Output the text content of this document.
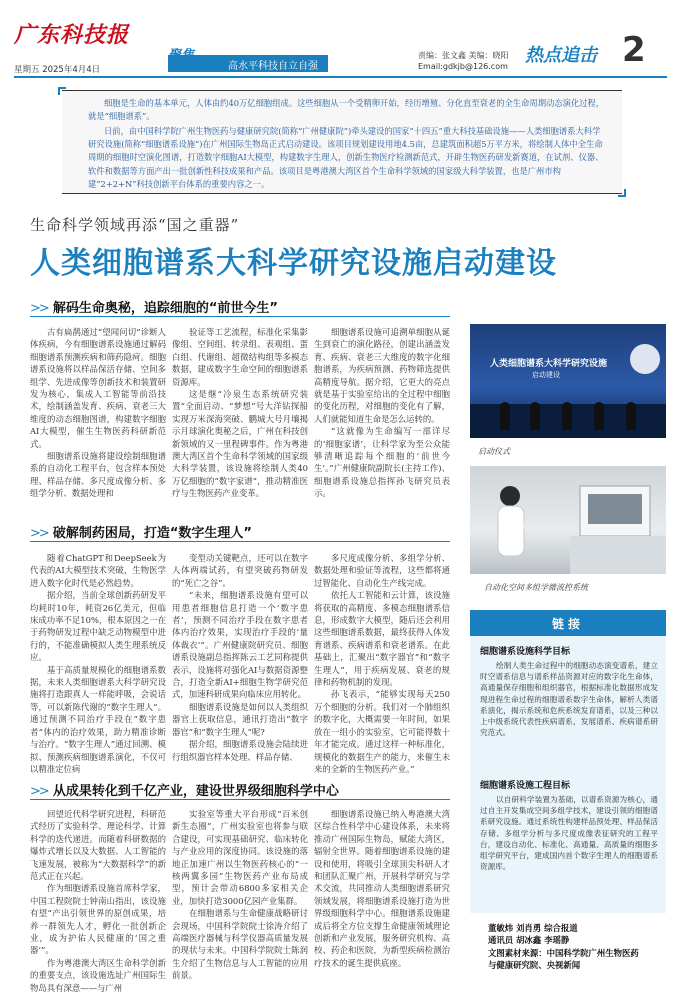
广东科技报
星期五 2025年4月4日	高水平科技自立自强
责编：张文鑫 美编：晓阳
Email:gdkjb@126.com
热点追击 2

细胞是生命的基本单元，人体由约40万亿细胞组成。这些细胞从一个受精卵开始，经历增殖、分化直至衰老的全生命周期动态演化过程，就是“细胞谱系”。

日前，由中国科学院广州生物医药与健康研究院(简称“广州健康院”)牵头建设的国家“十四五”重大科技基础设施——人类细胞谱系大科学研究设施(简称“细胞谱系设施”)在广州国际生物岛正式启动建设。该项目规划建设用地4.5亩，总建筑面积超5万平方米，将绘制人体中全生命周期的细胞时空演化图谱，打造数字细胞AI大模型，构建数字生理人，创新生物医疗检测新范式，开辟生物医药研发新赛道，在试剂、仪器、软件和数据等方面产出一批创新性科技成果和产品。该项目是粤港澳大湾区首个生命科学领域的国家级大科学装置，也是广州市构建“2+2+N”科技创新平台体系的重要内容之一。

生命科学领域再添“国之重器”
人类细胞谱系大科学研究设施启动建设
>> 解码生命奥秘，追踪细胞的“前世今生”

古有扁鹊通过“望闻问切”诊断人体疾病，今有细胞谱系设施通过解码细胞谱系预测疾病和筛药隐疴。细胞谱系设施将以样品保活存储、空间多组学、先进成像等创新技术和装置研发为核心，集成人工智能等前沿技术，绘制涵盖发育、疾病、衰老三大维度的动态细胞图谱，构建数字细胞AI大模型，催生生物医药科研新范式。

细胞谱系设施将建设绘制细胞谱系的自动化工程平台，包含样本预处理、样品存储、多尺度成像分析、多组学分析、数据处理和

验证等工艺流程，标准化采集影像组、空间组、转录组、表观组、蛋白组、代谢组、超微结构组等多模态数据，建成数字生命空间的细胞谱系资源库。

这是继“冷泉生态系统研究装置”全面启动、“梦想”号大洋钻探船实现万米深海突破、鹏城大号月壤揭示月球演化奥秘之后，广州在科技创新领域的又一里程碑事件。作为粤港澳大湾区首个生命科学领域的国家级大科学装置，该设施将绘制人类40万亿细胞的“数字家谱”，推动精准医疗与生物医药产业变革。

细胞谱系设施可追溯单细胞从诞生到衰亡的演化路径，创建出涵盖发育、疾病、衰老三大维度的数字化细胞谱系，为疾病预测、药物筛选提供高精度导航。据介绍，它更大的亮点就是基于实验室给出的全过程中细胞的变化历程，对细胞的变化有了解，人们就能知道生命是怎么运转的。

“这就像为生命编写一部详尽的‘细胞家谱’，让科学家为至公众能够清晰追踪每个细胞的‘前世今生’。”广州健康院副院长(主持工作)、细胞谱系设施总指挥孙飞研究员表示。

>> 破解制药困局，打造“数字生理人”

随着ChatGPT和DeepSeek为代表的AI大模型技术突破，生物医学进入数字化时代是必然趋势。

据介绍，当前全球创新药研发平均耗时10年，耗资26亿美元，但临床成功率不足10%，根本原因之一在于药物研发过程中缺乏动物模型中进行的，不能准确模拟人类生理系统反应。

基于高质量规模化的细胞谱系数据，未来人类细胞谱系大科学研究设施将打造跟真人一样能呼吸，会说话等，可以新陈代谢的“数字生理人”。通过预测不同治疗手段在“数字患者”体内的治疗效果，助力精准诊断与治疗。“数字生理人”通过回溯、模拟、预测疾病细胞谱系演化，不仅可以精准定位病

变型动关键靶点，还可以在数字人体两端试药，有望突破药物研发的“死亡之谷”。

“未来，细胞谱系设施有望可以用患者细胞信息打造一个‘数字患者’，预测不同治疗手段在数字患者体内治疗效果，实现治疗手段的‘量体裁衣’”。广州健康院研究员、细胞谱系设施副总指挥陈云工艺同称提供表示，设施将对强化AI与数据资源整合，打造全新AI+细胞生物学研究范式，加速科研成果向临床应用转化。

细胞谱系设施是如何以人类组织器官上获取信息，通讯打造出“数字器官”和“数字生理人”呢?

据介绍，细胞谱系设施会陆续进行组织器官样本处理、样品存储、

多尺度成像分析、多组学分析、数据处理和验证等流程，这些都将通过智能化、自动化生产线完成。

依托人工智能和云计算，该设施将获取的高精度、多模态细胞谱系信息，形成数字大模型，随后还会利用这些细胞谱系数据，最终获得人体发育谱系、疾病谱系和衰老谱系。在此基础上，汇聚出“数字器官”和“数字生理人”，用于疾病发展、衰老的规律和药物机制的发现。

孙飞表示，“能够实现每天250万个细胞的分析。我们对一个肺组织的数字化，大概需要一年时间，如果放在一组小的实验室，它可能得数十年才能完成。通过这样一种标准化，规模化的数据生产的能力，来催生未来的全新的生物医药产业。”

>> 从成果转化到千亿产业，建设世界级细胞科学中心

回望近代科学研究进程，科研范式经历了实验科学、理论科学、计算科学的迭代递进。而随着科研数据的爆炸式增长以及大数据、人工智能的飞速发展，被称为“大数据科学”的新范式正在兴起。

作为细胞谱系设施首席科学家，中国工程院院士钟南山指出，该设施有望“产出引领世界的原创成果，培养一群领先人才，孵化一批创新企业，成为护佑人民健康的‘国之重器’”。

作为粤港澳大湾区生命科学创新的重要支点，该设施选址广州国际生物岛具有深意——与广州

实验室等重大平台形成“百米创新生态圈”，广州实验室也将参与联合建设，可实现基础研究、临床转化与产业应用的深度协同。该设施的落地正加速广州以生物医药核心的“一核两翼多园”生物医药产业布局成型，预计会带动6800多家相关企业，加快打造3000亿园产业集群。

在细胞谱系与生命健康战略研讨会现场，中国科学院院士徐涛介绍了高端医疗器械与科学仪器高质量发展的现状与未来。中国科学院院士陈润生介绍了生物信息与人工智能的应用前景。

细胞谱系设施已纳入粤港澳大湾区综合性科学中心建设体系，未来将推动广州国际生物岛，赋能大湾区，辐射全世界。随着细胞谱系设施的建设和使用，将吸引全球顶尖科研人才和团队汇聚广州，开展科学研究与学术交流，共同推动人类细胞谱系研究领域发展，将细胞谱系设施打造为世界级细胞科学中心。细胞谱系设施建成后将全方位支撑生命健康领域理论创新和产业发展，服务研究机构、高校、药企和医院，为新型疾病检测治疗技术的诞生提供底座。

人类细胞谱系大科学研究设施
启动建设
启动仪式
自动化空间多组学微流控系统
链接
细胞谱系设施科学目标

绘制人类生命过程中的细胞动态演变谱系，建立时空谱系信息与谱系样品资源对应的数字化生命体，高通量保存细胞和组织器官，根据标准化数据形成发现进程生命过程的细胞谱系数字生命体，解析人类谱系演化，揭示系统和危疾系统发育谱系，以及三种以上中级系统代表性疾病谱系，发展谱系、疾病谱系研究范式。

细胞谱系设施工程目标

以自研科学装置为基础，以谱系资源为核心，通过自主开发集成空间多组学技术，建设引领的细胞谱系研究设施。通过系统性构建样品预处理、样品保活存储、多组学分析与多尺度成像表征研究的工程平台，建设自动化、标准化、高通量、高质量的细胞多组学研究平台，建成国内首个数字生理人的细胞谱系资源库。

董敏炜 刘肖勇 综合报道
通讯员 胡冰鑫 李瑶静
文图素材来源：中国科学院广州生物医药
与健康研究院、央视新闻
